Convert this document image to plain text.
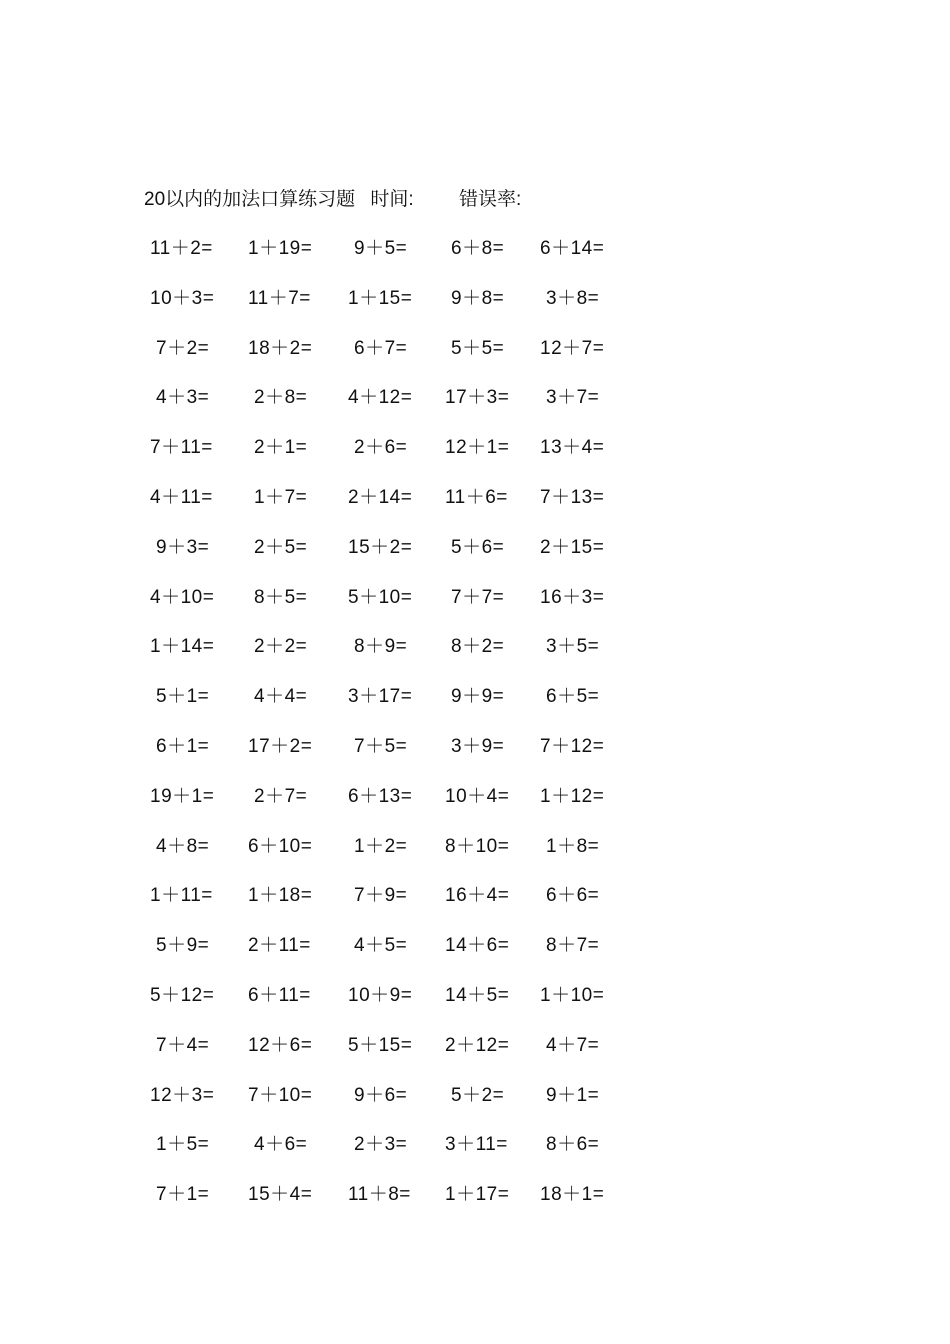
20以内的加法口算练习题 时间: 错误率:
11＋2= 1＋19= 9＋5= 6＋8= 6＋14=
10＋3= 11＋7= 1＋15= 9＋8= 3＋8=
7＋2= 18＋2= 6＋7= 5＋5= 12＋7=
4＋3= 2＋8= 4＋12= 17＋3= 3＋7=
7＋11= 2＋1= 2＋6= 12＋1= 13＋4=
4＋11= 1＋7= 2＋14= 11＋6= 7＋13=
9＋3= 2＋5= 15＋2= 5＋6= 2＋15=
4＋10= 8＋5= 5＋10= 7＋7= 16＋3=
1＋14= 2＋2= 8＋9= 8＋2= 3＋5=
5＋1= 4＋4= 3＋17= 9＋9= 6＋5=
6＋1= 17＋2= 7＋5= 3＋9= 7＋12=
19＋1= 2＋7= 6＋13= 10＋4= 1＋12=
4＋8= 6＋10= 1＋2= 8＋10= 1＋8=
1＋11= 1＋18= 7＋9= 16＋4= 6＋6=
5＋9= 2＋11= 4＋5= 14＋6= 8＋7=
5＋12= 6＋11= 10＋9= 14＋5= 1＋10=
7＋4= 12＋6= 5＋15= 2＋12= 4＋7=
12＋3= 7＋10= 9＋6= 5＋2= 9＋1=
1＋5= 4＋6= 2＋3= 3＋11= 8＋6=
7＋1= 15＋4= 11＋8= 1＋17= 18＋1=
